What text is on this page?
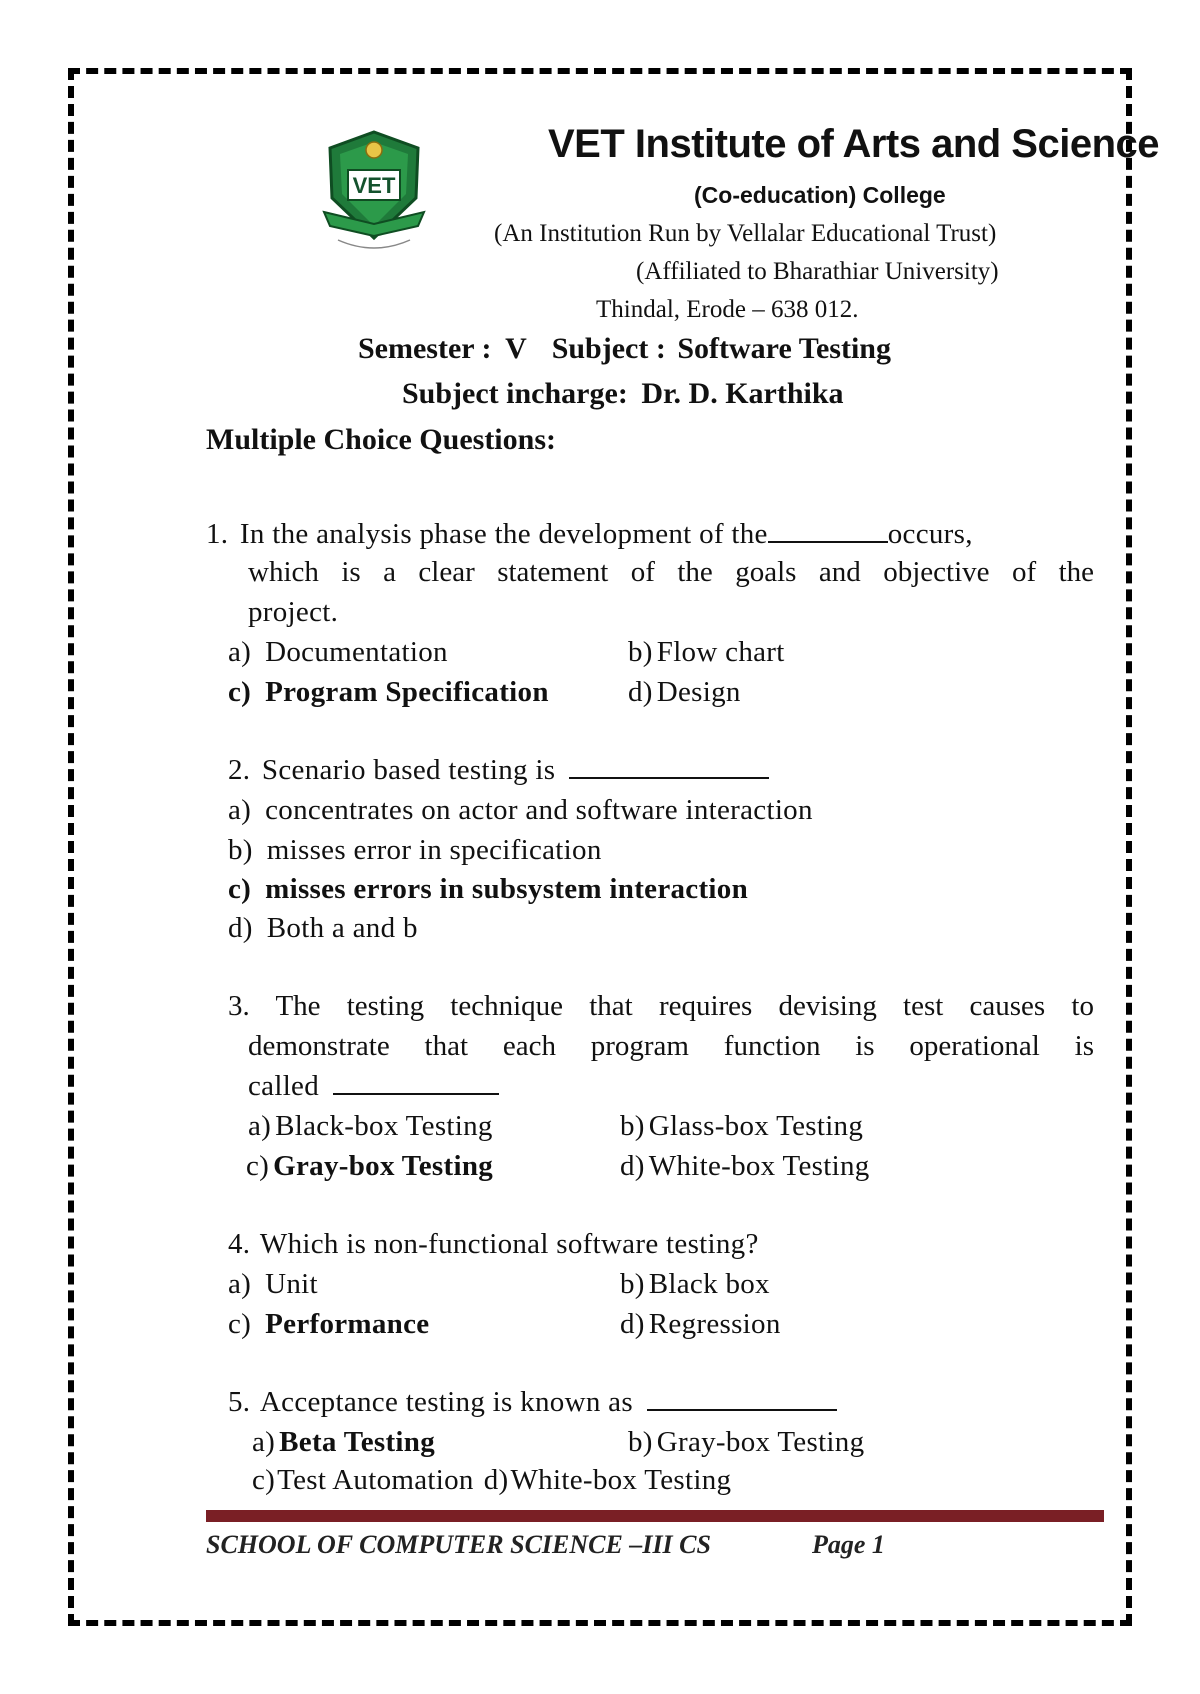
VET
VET Institute of Arts and Science
(Co-education) College
(An Institution Run by Vellalar Educational Trust)
(Affiliated to Bharathiar University)
Thindal, Erode – 638 012.
Semester : V Subject : Software Testing
Subject incharge: Dr. D. Karthika
Multiple Choice Questions:
1. In the analysis phase the development of the	occurs,
which is a clear statement of the goals and objective of the
project.
a) Documentation	b) Flow chart
c) Program Specification	d) Design
2. Scenario based testing is
a) concentrates on actor and software interaction
b) misses error in specification
c) misses errors in subsystem interaction
d) Both a and b
3. The testing technique that requires devising test causes to
demonstrate that each program function is operational is
called
a) Black-box Testing	b) Glass-box Testing
c) Gray-box Testing	d) White-box Testing
4. Which is non-functional software testing?
a) Unit	b) Black box
c) Performance	d) Regression
5. Acceptance testing is known as
a) Beta Testing	b) Gray-box Testing
c)Test Automation d)White-box Testing
SCHOOL OF COMPUTER SCIENCE –III CS	Page 1
